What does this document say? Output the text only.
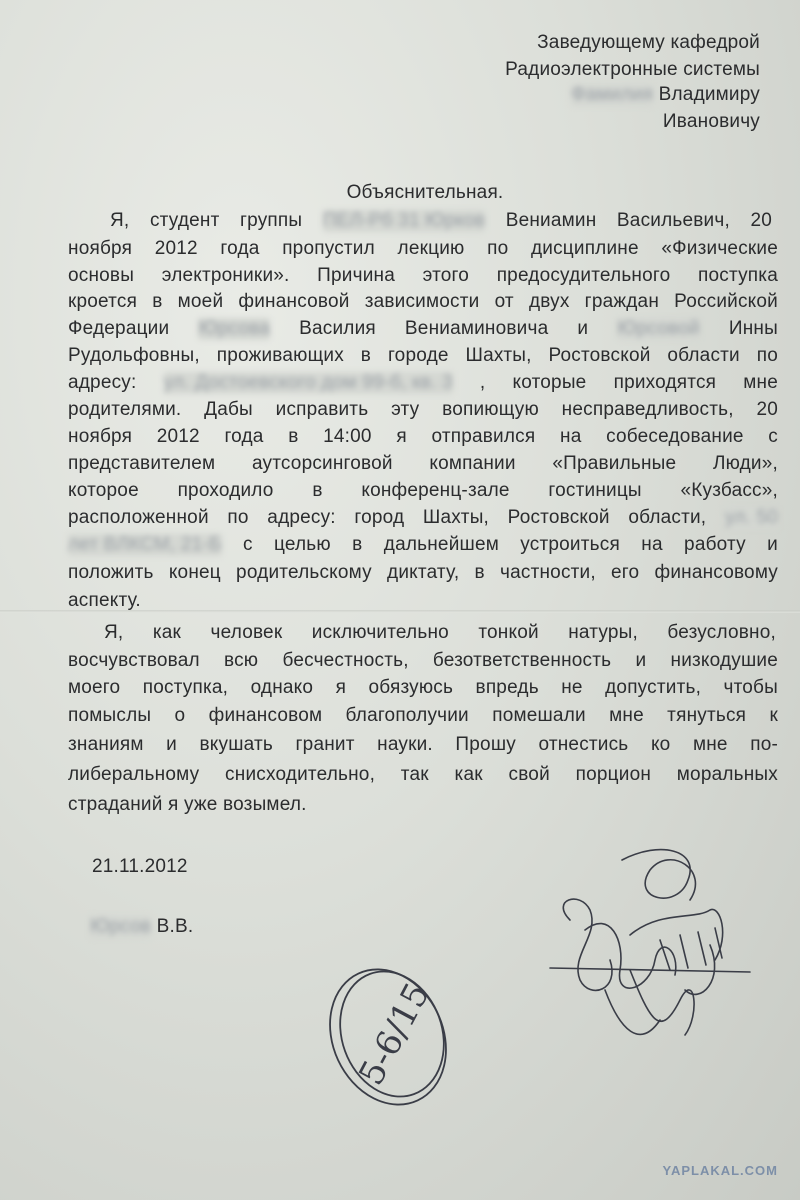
Заведующему кафедрой
Радиоэлектронные системы
Фамилия Владимиру
Ивановичу
Объяснительная.
Я, студент группы ПЕЛ-Рб 31 Юрков Вениамин Васильевич, 20
ноября 2012 года пропустил лекцию по дисциплине «Физические
основы электроники». Причина этого предосудительного поступка
кроется в моей финансовой зависимости от двух граждан Российской
Федерации Юрсова Василия Вениаминовича и Юрсовой Инны
Рудольфовны, проживающих в городе Шахты, Ростовской области по
адресу: ул. Достоевского дом 99-б, кв. 3 , которые приходятся мне
родителями. Дабы исправить эту вопиющую несправедливость, 20
ноября 2012 года в 14:00 я отправился на собеседование с
представителем аутсорсинговой компании «Правильные Люди»,
которое проходило в конференц-зале гостиницы «Кузбасс»,
расположенной по адресу: город Шахты, Ростовской области, ул. 50
лет ВЛКСМ, 21-Б с целью в дальнейшем устроиться на работу и
положить конец родительскому диктату, в частности, его финансовому
аспекту.
Я, как человек исключительно тонкой натуры, безусловно,
восчувствовал всю бесчестность, безответственность и низкодушие
моего поступка, однако я обязуюсь впредь не допустить, чтобы
помыслы о финансовом благополучии помешали мне тянуться к
знаниям и вкушать гранит науки. Прошу отнестись ко мне по-
либеральному снисходительно, так как свой порцион моральных
страданий я уже возымел.
21.11.2012
Юрсов В.В.
5-6/15
YAPLAKAL.COM
